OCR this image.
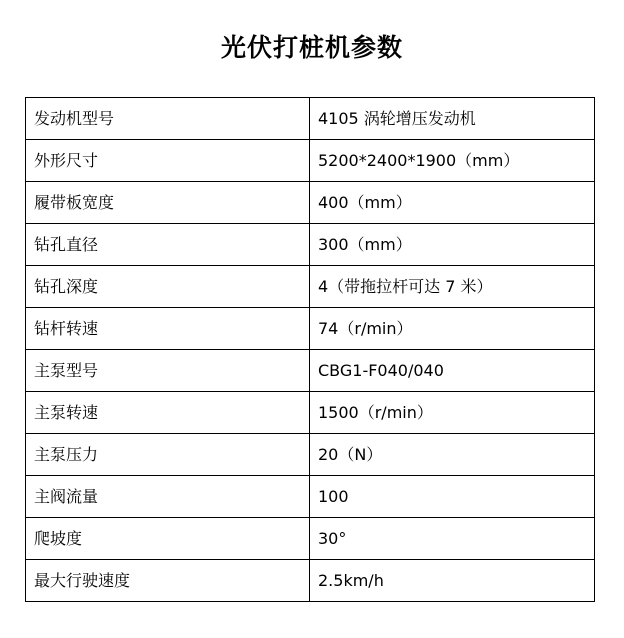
光伏打桩机参数
发动机型号	4105 涡轮增压发动机
外形尺寸	5200*2400*1900（mm）
履带板宽度	400（mm）
钻孔直径	300（mm）
钻孔深度	4（带拖拉杆可达 7 米）
钻杆转速	74（r/min）
主泵型号	CBG1-F040/040
主泵转速	1500（r/min）
主泵压力	20（N）
主阀流量	100
爬坡度	30°
最大行驶速度	2.5km/h
